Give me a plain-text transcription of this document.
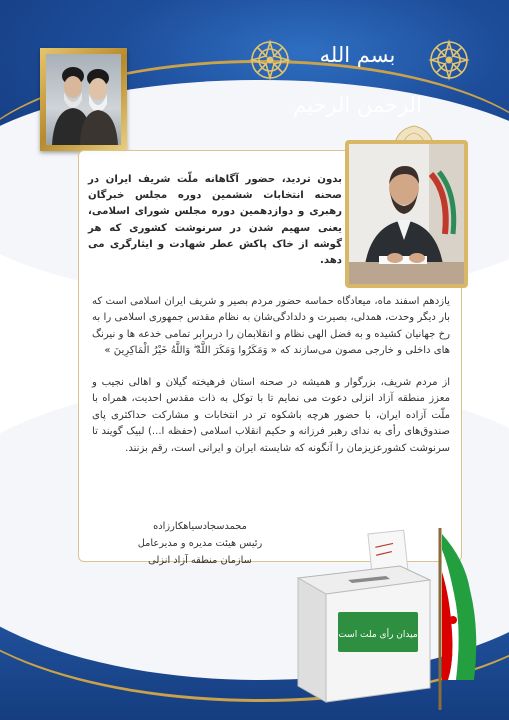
بسم الله الرحمن الرحیم
بدون تردید، حضور آگاهانه ملّت شریف ایران در صحنه انتخابات ششمین دوره مجلس خبرگان رهبری و دوازدهمین دوره مجلس شورای اسلامی، یعنی سهیم شدن در سرنوشت کشوری که هر گوشه از خاک پاکش عطر شهادت و ایثارگری می دهد.
یازدهم اسفند ماه، میعادگاه حماسه حضور مردم بصیر و شریف ایران اسلامی است که بار دیگر وحدت، همدلی، بصیرت و دلدادگی‌شان به نظام مقدس جمهوری اسلامی را به رخ جهانیان کشیده و به فضل الهی نظام و انقلابمان را دربرابر تمامی خدعه ها و نیرنگ های داخلی و خارجی مصون می‌سازند که « وَمَكَرُوا وَمَكَرَ اللَّهُ ۖ وَاللَّهُ خَيْرُ الْمَاكِرِينَ »
از مردم شریف، بزرگوار و همیشه در صحنه استان فرهیخته گیلان و اهالی نجیب و معزز منطقه آزاد انزلی دعوت می نمایم تا با توکل به ذات مقدس احدیت، همراه با ملّت آزاده ایران، با حضور هرچه باشکوه تر در انتخابات و مشارکت حداکثری پای صندوق‌های رأی به ندای رهبر فرزانه و حکیم انقلاب اسلامی (حفظه ا...) لبیک گویند تا سرنوشت کشورعزیزمان را آنگونه که شایسته ایران و ایرانی است، رقم بزنند.
محمدسجادسیاهکارزاده
رئیس هیئت مدیره و مدیرعامل
سازمان منطقه آزاد انزلی
میدان رأی ملت است
